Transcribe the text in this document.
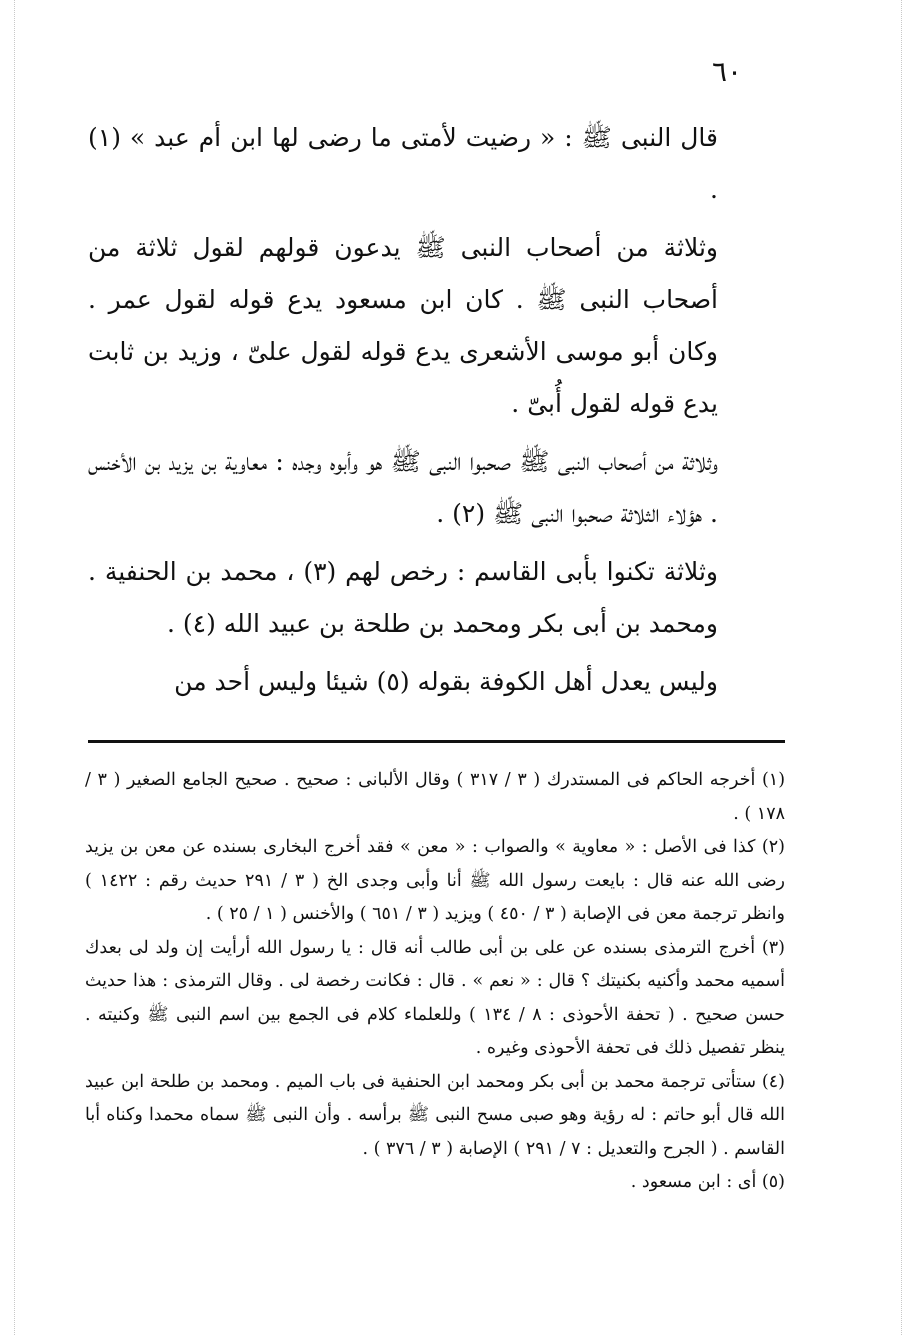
٦٠

قال النبى ﷺ : « رضيت لأمتى ما رضى لها ابن أم عبد » (١) .

وثلاثة من أصحاب النبى ﷺ يدعون قولهم لقول ثلاثة من أصحاب النبى ﷺ . كان ابن مسعود يدع قوله لقول عمر . وكان أبو موسى الأشعرى يدع قوله لقول علىّ ، وزيد بن ثابت يدع قوله لقول أُبىّ .

وثلاثة من أصحاب النبى ﷺ صحبوا النبى ﷺ هو وأبوه وجده : معاوية بن يزيد بن الأخنس . هؤلاء الثلاثة صحبوا النبى ﷺ (٢) .

وثلاثة تكنوا بأبى القاسم : رخص لهم (٣) ، محمد بن الحنفية . ومحمد بن أبى بكر ومحمد بن طلحة بن عبيد الله (٤) .

وليس يعدل أهل الكوفة بقوله (٥) شيئا وليس أحد من

(١) أخرجه الحاكم فى المستدرك ( ٣ / ٣١٧ ) وقال الألبانى : صحيح . صحيح الجامع الصغير ( ٣ / ١٧٨ ) .

(٢) كذا فى الأصل : « معاوية » والصواب : « معن » فقد أخرج البخارى بسنده عن معن بن يزيد رضى الله عنه قال : بايعت رسول الله ﷺ أنا وأبى وجدى الخ ( ٣ / ٢٩١ حديث رقم : ١٤٢٢ ) وانظر ترجمة معن فى الإصابة ( ٣ / ٤٥٠ ) ويزيد ( ٣ / ٦٥١ ) والأخنس ( ١ / ٢٥ ) .

(٣) أخرج الترمذى بسنده عن على بن أبى طالب أنه قال : يا رسول الله أرأيت إن ولد لى بعدك أسميه محمد وأكنيه بكنيتك ؟ قال : « نعم » . قال : فكانت رخصة لى . وقال الترمذى : هذا حديث حسن صحيح . ( تحفة الأحوذى : ٨ / ١٣٤ ) وللعلماء كلام فى الجمع بين اسم النبى ﷺ وكنيته . ينظر تفصيل ذلك فى تحفة الأحوذى وغيره .

(٤) ستأتى ترجمة محمد بن أبى بكر ومحمد ابن الحنفية فى باب الميم . ومحمد بن طلحة ابن عبيد الله قال أبو حاتم : له رؤية وهو صبى مسح النبى ﷺ برأسه . وأن النبى ﷺ سماه محمدا وكناه أبا القاسم . ( الجرح والتعديل : ٧ / ٢٩١ ) الإصابة ( ٣ / ٣٧٦ ) .

(٥) أى : ابن مسعود .
